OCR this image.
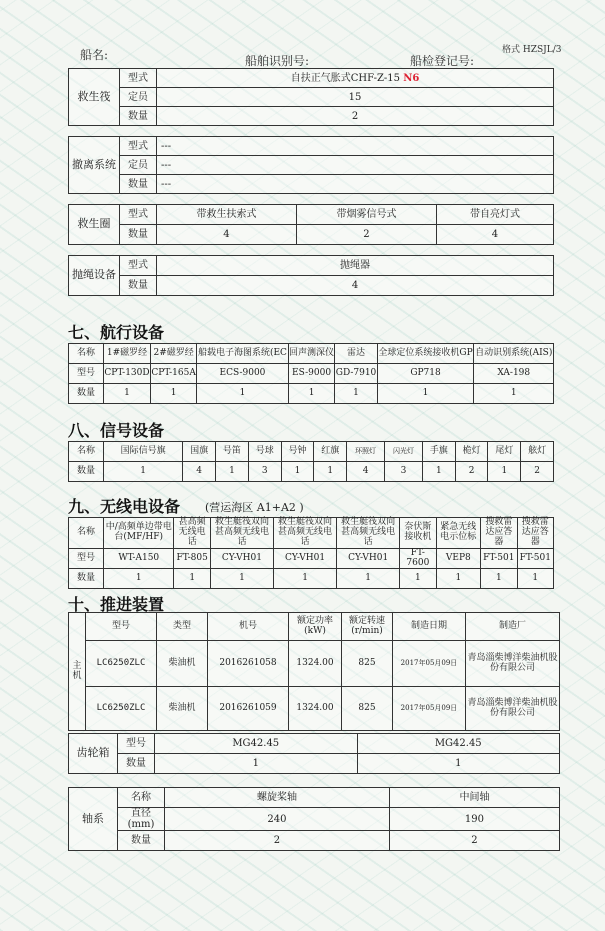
船名:	船舶识别号:	船检登记号:
格式 HZSJL/3
救生筏	型式	自扶正气胀式CHF-Z-15 N6
	定员	15
	数量	2
撤离系统	型式	---
	定员	---
	数量	---
救生圈	型式	带救生扶索式	带烟雾信号式	带自亮灯式
	数量	4	2	4
抛绳设备	型式	抛绳器
	数量	4
七、航行设备
名称	1#磁罗经	2#磁罗经	船载电子海图系统(EC	回声测深仪	雷达	全球定位系统接收机GP	自动识别系统(AIS)
型号	CPT-130D	CPT-165A	ECS-9000	ES-9000	GD-7910	GP718	XA-198
数量	1	1	1	1	1	1	1
八、信号设备
名称	国际信号旗	国旗	号笛	号球	号钟	红旗	环照灯	闪光灯	手旗	桅灯	尾灯	舷灯
数量	1	4	1	3	1	1	4	3	1	2	1	2
九、无线电设备 (营运海区 A1+A2 )
名称	中/高频单边带电台(MF/HF)	甚高频无线电话	救生艇筏双向甚高频无线电话	救生艇筏双向甚高频无线电话	救生艇筏双向甚高频无线电话	奈伏斯接收机	紧急无线电示位标	搜救雷达应答器	搜救雷达应答器
型号	WT-A150	FT-805	CY-VH01	CY-VH01	CY-VH01	FT-7600	VEP8	FT-501	FT-501
数量	1	1	1	1	1	1	1	1	1
十、推进装置
主机	型号	类型	机号	额定功率(kW)	额定转速(r/min)	制造日期	制造厂
	LC6250ZLC	柴油机	2016261058	1324.00	825	2017年05月09日	青岛淄柴博洋柴油机股份有限公司
	LC6250ZLC	柴油机	2016261059	1324.00	825	2017年05月09日	青岛淄柴博洋柴油机股份有限公司
齿轮箱	型号	MG42.45	MG42.45
	数量	1	1
轴系	名称	螺旋桨轴	中间轴
	直径(mm)	240	190
	数量	2	2
